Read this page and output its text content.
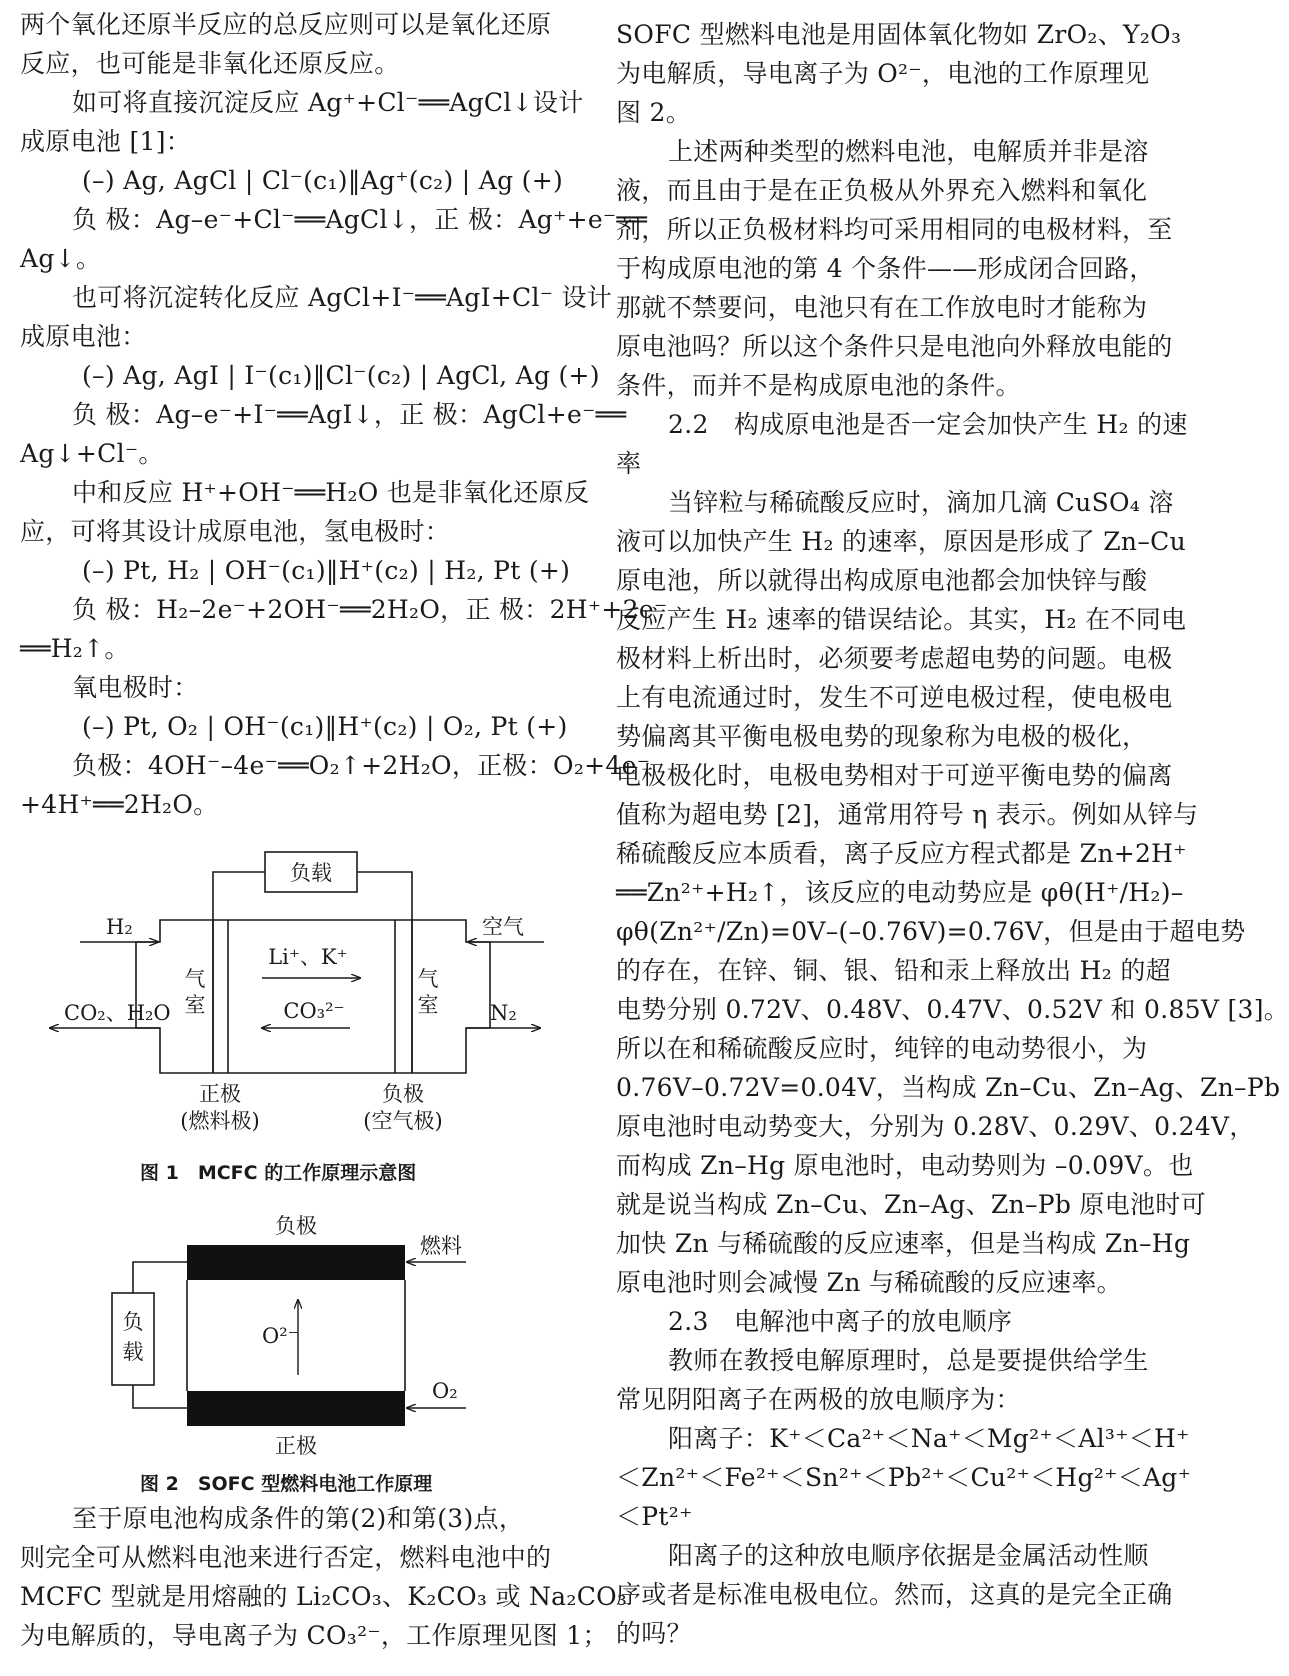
两个氧化还原半反应的总反应则可以是氧化还原
反应，也可能是非氧化还原反应。
如可将直接沉淀反应 Ag⁺+Cl⁻══AgCl↓设计
成原电池 [1]：
(–) Ag, AgCl | Cl⁻(c₁)‖Ag⁺(c₂) | Ag (+)
负 极：Ag–e⁻+Cl⁻══AgCl↓，正 极：Ag⁺+e⁻══
Ag↓。
也可将沉淀转化反应 AgCl+I⁻══AgI+Cl⁻ 设计
成原电池：
(–) Ag, AgI | I⁻(c₁)‖Cl⁻(c₂) | AgCl, Ag (+)
负 极：Ag–e⁻+I⁻══AgI↓，正 极：AgCl+e⁻══
Ag↓+Cl⁻。
中和反应 H⁺+OH⁻══H₂O 也是非氧化还原反
应，可将其设计成原电池，氢电极时：
(–) Pt, H₂ | OH⁻(c₁)‖H⁺(c₂) | H₂, Pt (+)
负 极：H₂–2e⁻+2OH⁻══2H₂O，正 极：2H⁺+2e⁻
══H₂↑。
氧电极时：
(–) Pt, O₂ | OH⁻(c₁)‖H⁺(c₂) | O₂, Pt (+)
负极：4OH⁻–4e⁻══O₂↑+2H₂O，正极：O₂+4e⁻
+4H⁺══2H₂O。
至于原电池构成条件的第(2)和第(3)点，
则完全可从燃料电池来进行否定，燃料电池中的
MCFC 型就是用熔融的 Li₂CO₃、K₂CO₃ 或 Na₂CO₃
为电解质的，导电离子为 CO₃²⁻，工作原理见图 1；
负载
H₂	空气
CO₂、H₂O	N₂
气
室
气
室
Li⁺、K⁺
CO₃²⁻
正极
(燃料极)
负极
(空气极)
图 1　MCFC 的工作原理示意图
负极
正极
燃料
O₂
O²⁻
负
载
图 2　SOFC 型燃料电池工作原理
SOFC 型燃料电池是用固体氧化物如 ZrO₂、Y₂O₃
为电解质，导电离子为 O²⁻，电池的工作原理见
图 2。
上述两种类型的燃料电池，电解质并非是溶
液，而且由于是在正负极从外界充入燃料和氧化
剂，所以正负极材料均可采用相同的电极材料，至
于构成原电池的第 4 个条件——形成闭合回路，
那就不禁要问，电池只有在工作放电时才能称为
原电池吗？所以这个条件只是电池向外释放电能的
条件，而并不是构成原电池的条件。
2.2　构成原电池是否一定会加快产生 H₂ 的速
率
当锌粒与稀硫酸反应时，滴加几滴 CuSO₄ 溶
液可以加快产生 H₂ 的速率，原因是形成了 Zn–Cu
原电池，所以就得出构成原电池都会加快锌与酸
反应产生 H₂ 速率的错误结论。其实，H₂ 在不同电
极材料上析出时，必须要考虑超电势的问题。电极
上有电流通过时，发生不可逆电极过程，使电极电
势偏离其平衡电极电势的现象称为电极的极化，
电极极化时，电极电势相对于可逆平衡电势的偏离
值称为超电势 [2]，通常用符号 η 表示。例如从锌与
稀硫酸反应本质看，离子反应方程式都是 Zn+2H⁺
══Zn²⁺+H₂↑，该反应的电动势应是 φθ(H⁺/H₂)–
φθ(Zn²⁺/Zn)=0V–(–0.76V)=0.76V，但是由于超电势
的存在，在锌、铜、银、铅和汞上释放出 H₂ 的超
电势分别 0.72V、0.48V、0.47V、0.52V 和 0.85V [3]。
所以在和稀硫酸反应时，纯锌的电动势很小，为
0.76V–0.72V=0.04V，当构成 Zn–Cu、Zn–Ag、Zn–Pb
原电池时电动势变大，分别为 0.28V、0.29V、0.24V，
而构成 Zn–Hg 原电池时，电动势则为 –0.09V。也
就是说当构成 Zn–Cu、Zn–Ag、Zn–Pb 原电池时可
加快 Zn 与稀硫酸的反应速率，但是当构成 Zn–Hg
原电池时则会减慢 Zn 与稀硫酸的反应速率。
2.3　电解池中离子的放电顺序
教师在教授电解原理时，总是要提供给学生
常见阴阳离子在两极的放电顺序为：
阳离子：K⁺＜Ca²⁺＜Na⁺＜Mg²⁺＜Al³⁺＜H⁺
＜Zn²⁺＜Fe²⁺＜Sn²⁺＜Pb²⁺＜Cu²⁺＜Hg²⁺＜Ag⁺
＜Pt²⁺
阳离子的这种放电顺序依据是金属活动性顺
序或者是标准电极电位。然而，这真的是完全正确
的吗？
